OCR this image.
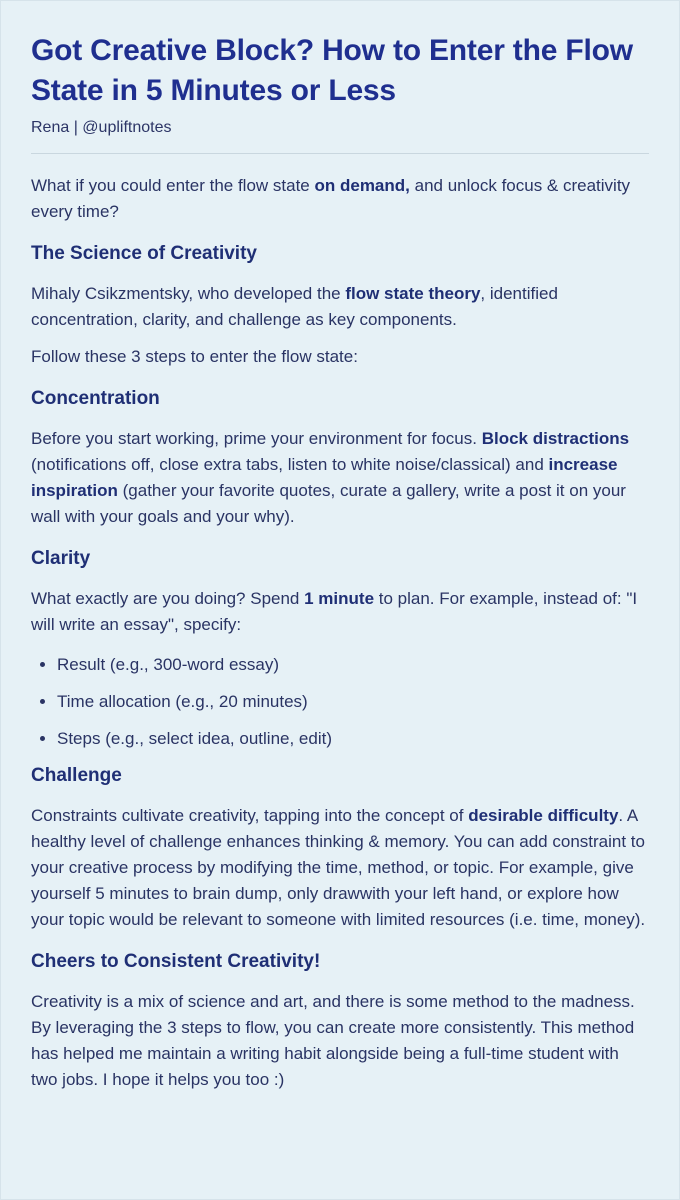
Got Creative Block? How to Enter the Flow State in 5 Minutes or Less
Rena | @upliftnotes

What if you could enter the flow state on demand, and unlock focus & creativity every time?

The Science of Creativity

Mihaly Csikzmentsky, who developed the flow state theory, identified concentration, clarity, and challenge as key components.

Follow these 3 steps to enter the flow state:

Concentration

Before you start working, prime your environment for focus. Block distractions (notifications off, close extra tabs, listen to white noise/classical) and increase inspiration (gather your favorite quotes, curate a gallery, write a post it on your wall with your goals and your why).

Clarity

What exactly are you doing? Spend 1 minute to plan. For example, instead of: "I will write an essay", specify:

• Result (e.g., 300-word essay)
• Time allocation (e.g., 20 minutes)
• Steps (e.g., select idea, outline, edit)
Challenge

Constraints cultivate creativity, tapping into the concept of desirable difficulty. A healthy level of challenge enhances thinking & memory. You can add constraint to your creative process by modifying the time, method, or topic. For example, give yourself 5 minutes to brain dump, only drawwith your left hand, or explore how your topic would be relevant to someone with limited resources (i.e. time, money).

Cheers to Consistent Creativity!

Creativity is a mix of science and art, and there is some method to the madness. By leveraging the 3 steps to flow, you can create more consistently. This method has helped me maintain a writing habit alongside being a full-time student with two jobs. I hope it helps you too :)
